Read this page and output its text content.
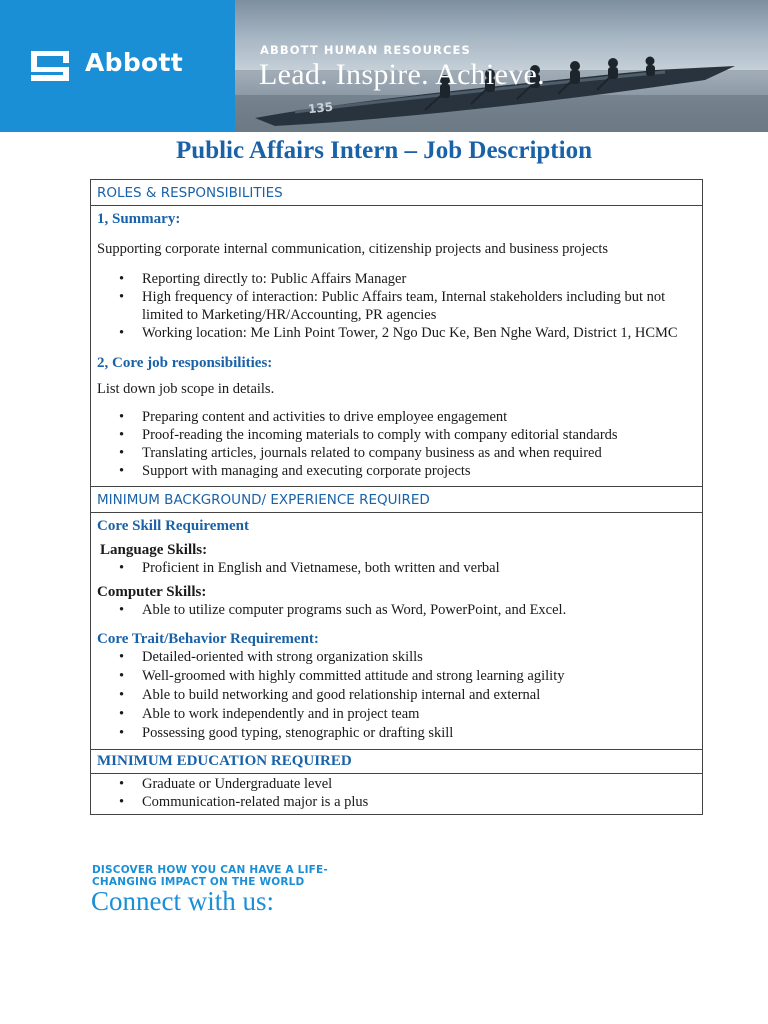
Abbott
135
ABBOTT HUMAN RESOURCES
Lead. Inspire. Achieve.
Public Affairs Intern – Job Description
ROLES & RESPONSIBILITIES
1, Summary:
Supporting corporate internal communication, citizenship projects and business projects
• Reporting directly to: Public Affairs Manager
• High frequency of interaction: Public Affairs team, Internal stakeholders including but not limited to Marketing/HR/Accounting, PR agencies
• Working location: Me Linh Point Tower, 2 Ngo Duc Ke, Ben Nghe Ward, District 1, HCMC
2, Core job responsibilities:
List down job scope in details.
• Preparing content and activities to drive employee engagement
• Proof-reading the incoming materials to comply with company editorial standards
• Translating articles, journals related to company business as and when required
• Support with managing and executing corporate projects
MINIMUM BACKGROUND/ EXPERIENCE REQUIRED
Core Skill Requirement
Language Skills:
• Proficient in English and Vietnamese, both written and verbal
Computer Skills:
• Able to utilize computer programs such as Word, PowerPoint, and Excel.
Core Trait/Behavior Requirement:
• Detailed-oriented with strong organization skills
• Well-groomed with highly committed attitude and strong learning agility
• Able to build networking and good relationship internal and external
• Able to work independently and in project team
• Possessing good typing, stenographic or drafting skill
MINIMUM EDUCATION REQUIRED
• Graduate or Undergraduate level
• Communication-related major is a plus
DISCOVER HOW YOU CAN HAVE A LIFE-
CHANGING IMPACT ON THE WORLD
Connect with us:
